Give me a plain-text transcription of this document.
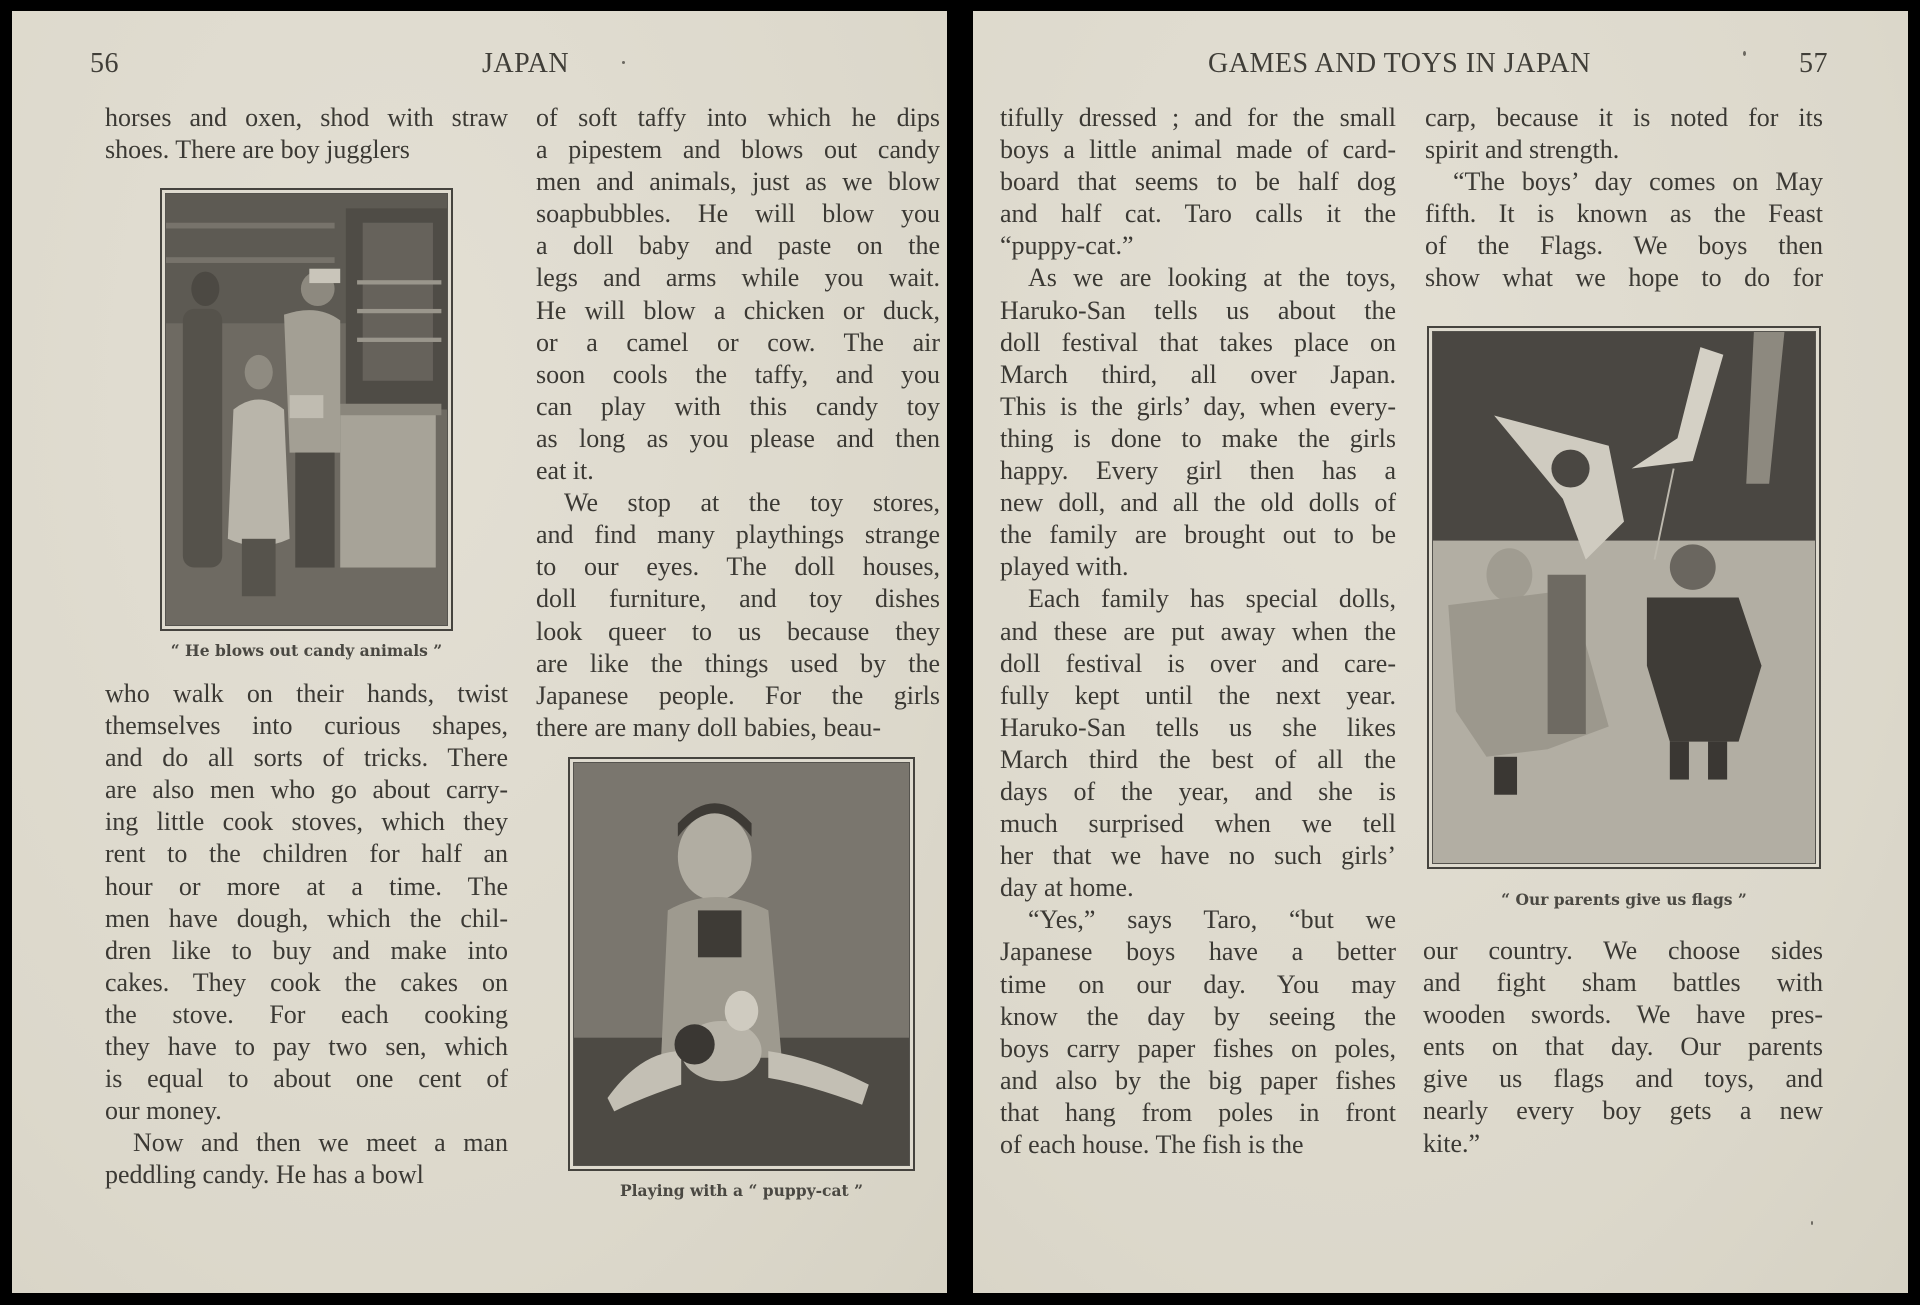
56	JAPAN
horses and oxen, shod with straw
shoes. There are boy jugglers
“ He blows out candy animals ”
who walk on their hands, twist
themselves into curious shapes,
and do all sorts of tricks. There
are also men who go about carry-
ing little cook stoves, which they
rent to the children for half an
hour or more at a time. The
men have dough, which the chil-
dren like to buy and make into
cakes. They cook the cakes on
the stove. For each cooking
they have to pay two sen, which
is equal to about one cent of
our money.
Now and then we meet a man
peddling candy. He has a bowl
of soft taffy into which he dips
a pipestem and blows out candy
men and animals, just as we blow
soapbubbles. He will blow you
a doll baby and paste on the
legs and arms while you wait.
He will blow a chicken or duck,
or a camel or cow. The air
soon cools the taffy, and you
can play with this candy toy
as long as you please and then
eat it.
We stop at the toy stores,
and find many playthings strange
to our eyes. The doll houses,
doll furniture, and toy dishes
look queer to us because they
are like the things used by the
Japanese people. For the girls
there are many doll babies, beau-
Playing with a “ puppy-cat ”
GAMES AND TOYS IN JAPAN	57
tifully dressed ; and for the small
boys a little animal made of card-
board that seems to be half dog
and half cat. Taro calls it the
“puppy-cat.”
As we are looking at the toys,
Haruko-San tells us about the
doll festival that takes place on
March third, all over Japan.
This is the girls’ day, when every-
thing is done to make the girls
happy. Every girl then has a
new doll, and all the old dolls of
the family are brought out to be
played with.
Each family has special dolls,
and these are put away when the
doll festival is over and care-
fully kept until the next year.
Haruko-San tells us she likes
March third the best of all the
days of the year, and she is
much surprised when we tell
her that we have no such girls’
day at home.
“Yes,” says Taro, “but we
Japanese boys have a better
time on our day. You may
know the day by seeing the
boys carry paper fishes on poles,
and also by the big paper fishes
that hang from poles in front
of each house. The fish is the
carp, because it is noted for its
spirit and strength.
“The boys’ day comes on May
fifth. It is known as the Feast
of the Flags. We boys then
show what we hope to do for
“ Our parents give us flags ”
our country. We choose sides
and fight sham battles with
wooden swords. We have pres-
ents on that day. Our parents
give us flags and toys, and
nearly every boy gets a new
kite.”
